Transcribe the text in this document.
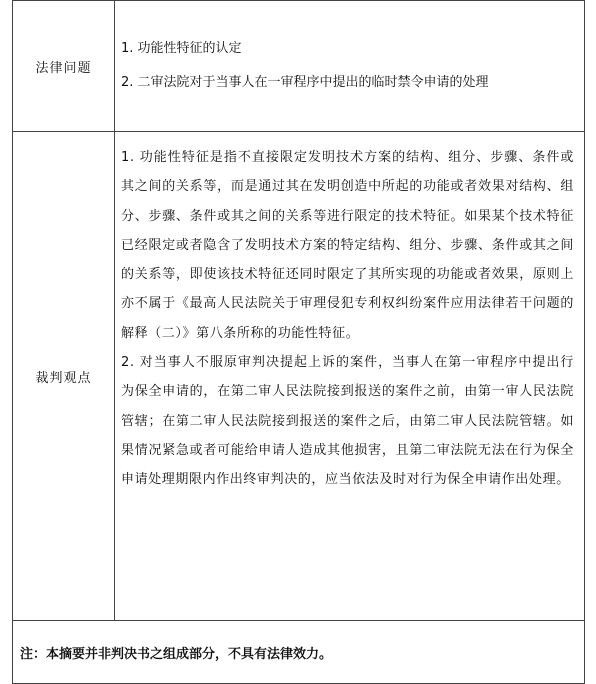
法律问题	1. 功能性特征的认定
2. 二审法院对于当事人在一审程序中提出的临时禁令申请的处理

裁判观点	1. 功能性特征是指不直接限定发明技术方案的结构、组分、步骤、条件或其之间的关系等，而是通过其在发明创造中所起的功能或者效果对结构、组分、步骤、条件或其之间的关系等进行限定的技术特征。如果某个技术特征已经限定或者隐含了发明技术方案的特定结构、组分、步骤、条件或其之间的关系等，即使该技术特征还同时限定了其所实现的功能或者效果，原则上亦不属于《最高人民法院关于审理侵犯专利权纠纷案件应用法律若干问题的解释（二）》第八条所称的功能性特征。

2. 对当事人不服原审判决提起上诉的案件，当事人在第一审程序中提出行为保全申请的，在第二审人民法院接到报送的案件之前，由第一审人民法院管辖；在第二审人民法院接到报送的案件之后，由第二审人民法院管辖。如果情况紧急或者可能给申请人造成其他损害，且第二审法院无法在行为保全申请处理期限内作出终审判决的，应当依法及时对行为保全申请作出处理。

注：本摘要并非判决书之组成部分，不具有法律效力。	
